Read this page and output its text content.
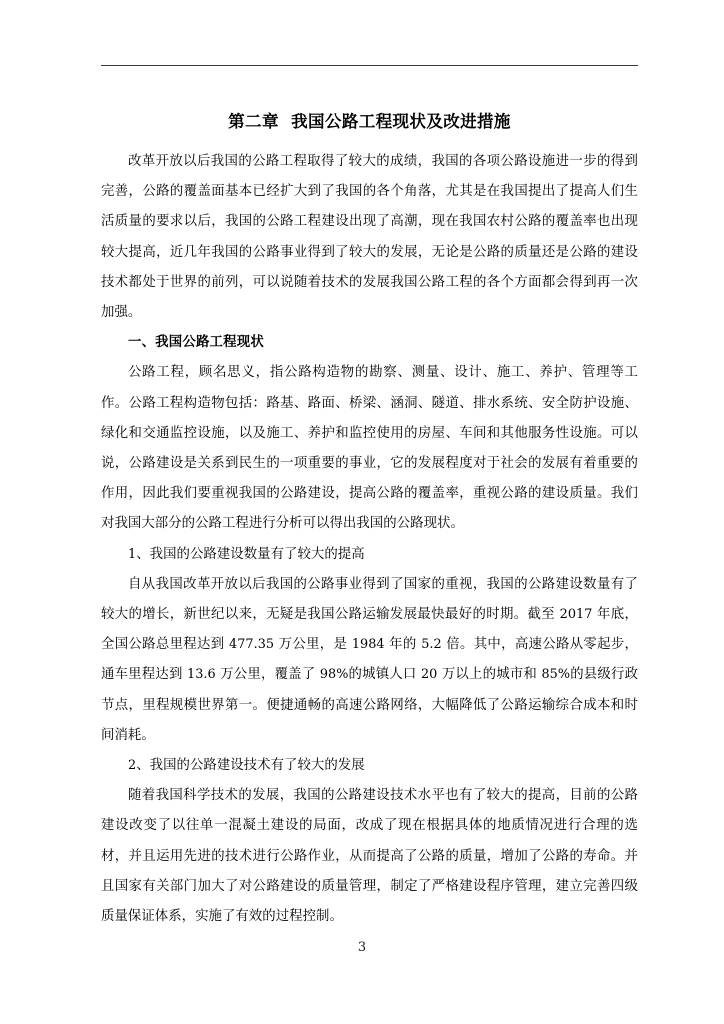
第二章  我国公路工程现状及改进措施

改革开放以后我国的公路工程取得了较大的成绩，我国的各项公路设施进一步的得到完善，公路的覆盖面基本已经扩大到了我国的各个角落，尤其是在我国提出了提高人们生活质量的要求以后，我国的公路工程建设出现了高潮，现在我国农村公路的覆盖率也出现较大提高，近几年我国的公路事业得到了较大的发展，无论是公路的质量还是公路的建设技术都处于世界的前列，可以说随着技术的发展我国公路工程的各个方面都会得到再一次加强。

一、我国公路工程现状

公路工程，顾名思义，指公路构造物的勘察、测量、设计、施工、养护、管理等工作。公路工程构造物包括：路基、路面、桥梁、涵洞、隧道、排水系统、安全防护设施、绿化和交通监控设施，以及施工、养护和监控使用的房屋、车间和其他服务性设施。可以说，公路建设是关系到民生的一项重要的事业，它的发展程度对于社会的发展有着重要的作用，因此我们要重视我国的公路建设，提高公路的覆盖率，重视公路的建设质量。我们对我国大部分的公路工程进行分析可以得出我国的公路现状。

1、我国的公路建设数量有了较大的提高

自从我国改革开放以后我国的公路事业得到了国家的重视，我国的公路建设数量有了较大的增长，新世纪以来，无疑是我国公路运输发展最快最好的时期。截至 2017 年底，全国公路总里程达到 477.35 万公里，是 1984 年的 5.2 倍。其中，高速公路从零起步，通车里程达到 13.6 万公里，覆盖了 98%的城镇人口 20 万以上的城市和 85%的县级行政节点，里程规模世界第一。便捷通畅的高速公路网络，大幅降低了公路运输综合成本和时间消耗。

2、我国的公路建设技术有了较大的发展

随着我国科学技术的发展，我国的公路建设技术水平也有了较大的提高，目前的公路建设改变了以往单一混凝土建设的局面，改成了现在根据具体的地质情况进行合理的选材，并且运用先进的技术进行公路作业，从而提高了公路的质量，增加了公路的寿命。并且国家有关部门加大了对公路建设的质量管理，制定了严格建设程序管理，建立完善四级质量保证体系，实施了有效的过程控制。

3
